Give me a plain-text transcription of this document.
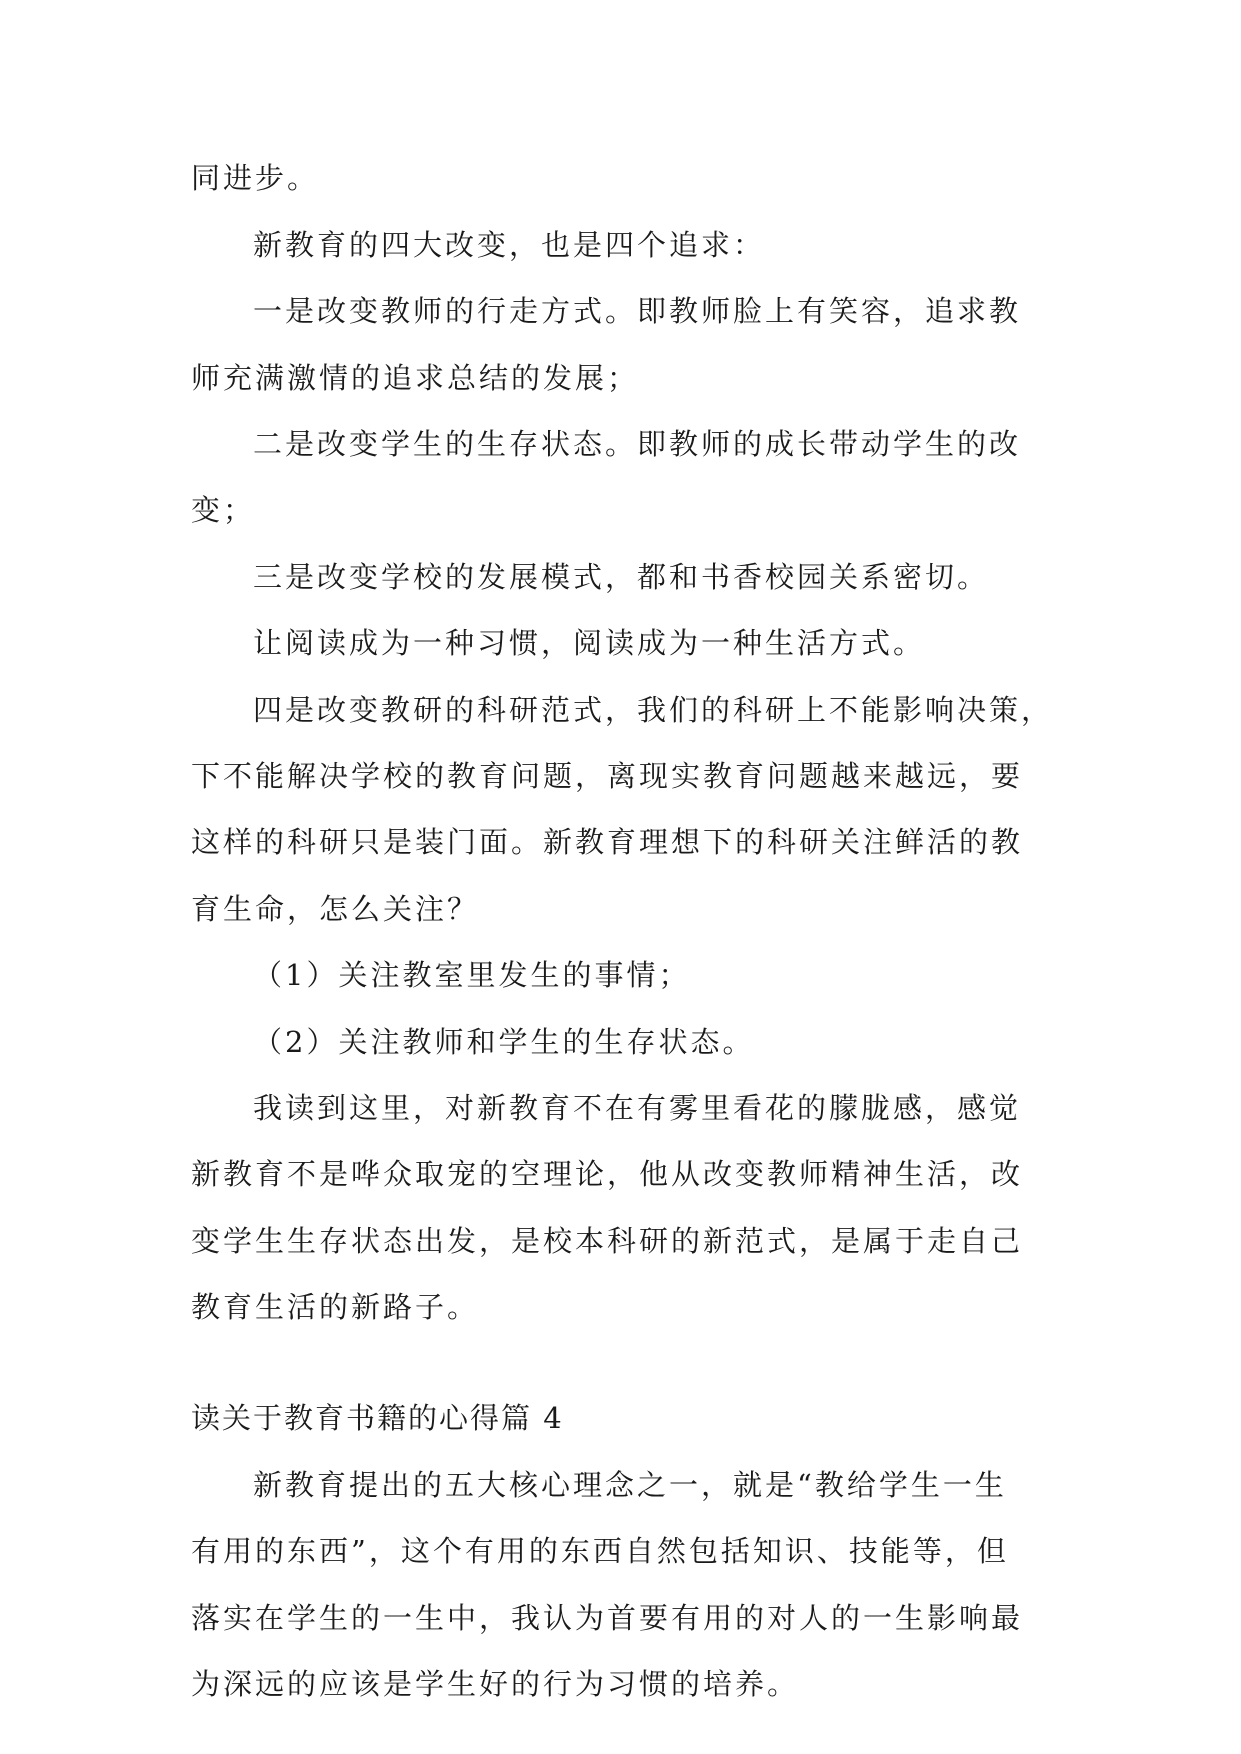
同进步。
新教育的四大改变，也是四个追求：
一是改变教师的行走方式。即教师脸上有笑容，追求教
师充满激情的追求总结的发展；
二是改变学生的生存状态。即教师的成长带动学生的改
变；
三是改变学校的发展模式，都和书香校园关系密切。
让阅读成为一种习惯，阅读成为一种生活方式。
四是改变教研的科研范式，我们的科研上不能影响决策，
下不能解决学校的教育问题，离现实教育问题越来越远，要
这样的科研只是装门面。新教育理想下的科研关注鲜活的教
育生命，怎么关注？
（1）关注教室里发生的事情；
（2）关注教师和学生的生存状态。
我读到这里，对新教育不在有雾里看花的朦胧感，感觉
新教育不是哗众取宠的空理论，他从改变教师精神生活，改
变学生生存状态出发，是校本科研的新范式，是属于走自己
教育生活的新路子。
读关于教育书籍的心得篇 4
新教育提出的五大核心理念之一，就是“教给学生一生
有用的东西”，这个有用的东西自然包括知识、技能等，但
落实在学生的一生中，我认为首要有用的对人的一生影响最
为深远的应该是学生好的行为习惯的培养。
